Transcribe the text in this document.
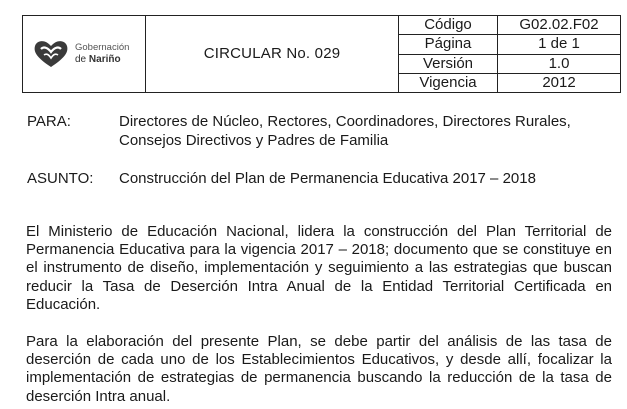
Gobernación
de Nariño	CIRCULAR No. 029	Código	G02.02.F02
		Página	1 de 1
		Versión	1.0
		Vigencia	2012
PARA:	Directores de Núcleo, Rectores, Coordinadores, Directores Rurales,
Consejos Directivos y Padres de Familia
ASUNTO: Construcción del Plan de Permanencia Educativa 2017 – 2018

El Ministerio de Educación Nacional, lidera la construcción del Plan Territorial de Permanencia Educativa para la vigencia 2017 – 2018; documento que se constituye en el instrumento de diseño, implementación y seguimiento a las estrategias que buscan reducir la Tasa de Deserción Intra Anual de la Entidad Territorial Certificada en Educación.

Para la elaboración del presente Plan, se debe partir del análisis de las tasa de deserción de cada uno de los Establecimientos Educativos, y desde allí, focalizar la implementación de estrategias de permanencia buscando la reducción de la tasa de deserción Intra anual.
